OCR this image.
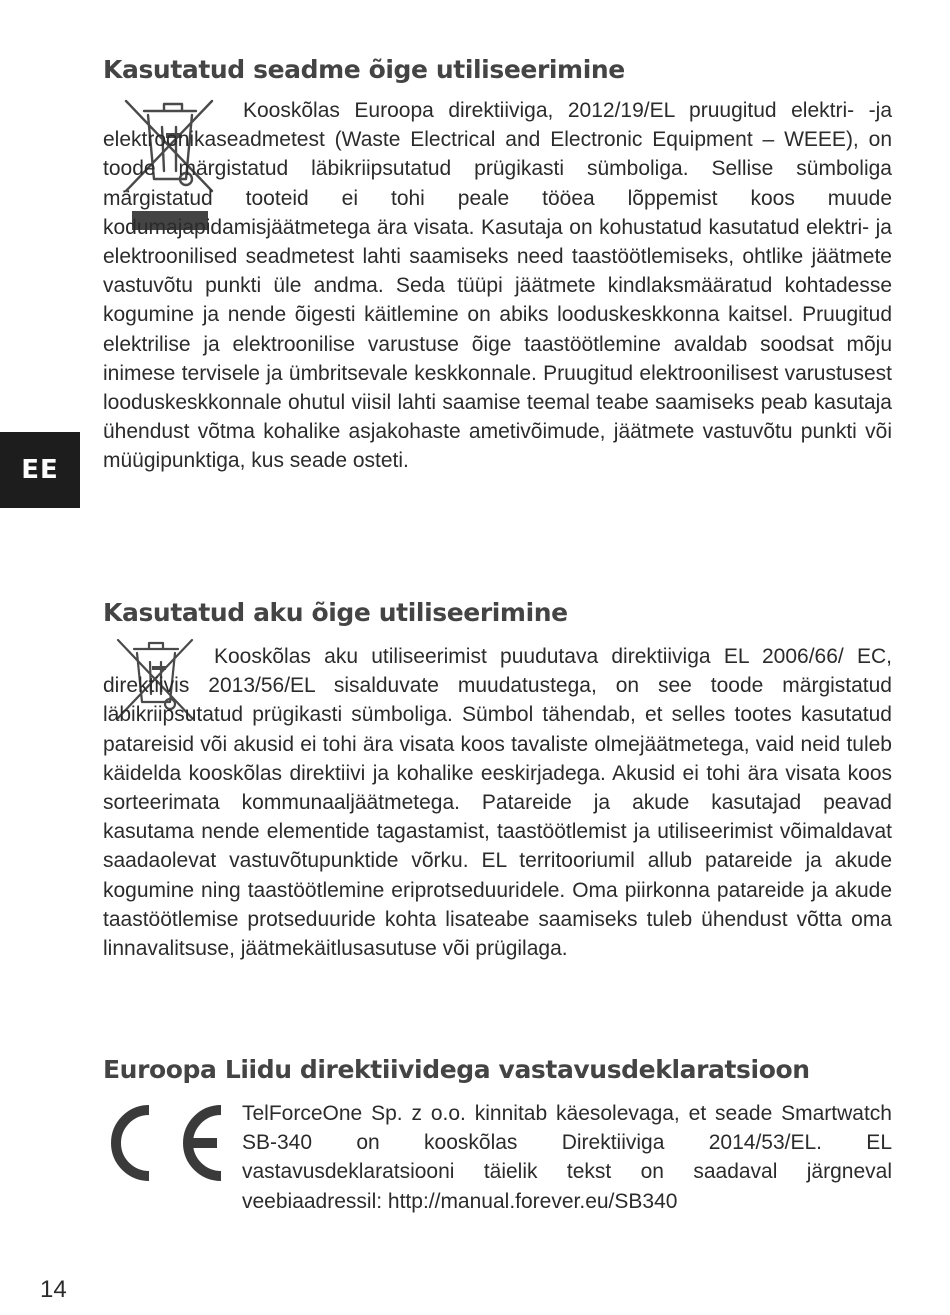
EE
Kasutatud seadme õige utiliseerimine

Kooskõlas Euroopa direktiiviga, 2012/19/EL pruugitud elektri- -ja elektroonikaseadmetest (Waste Electrical and Electronic Equipment – WEEE), on toode märgistatud läbikriipsutatud prügikasti sümboliga. Sellise sümboliga märgistatud tooteid ei tohi peale tööea lõppemist koos muude kodumajapidamisjäätmetega ära visata. Kasutaja on kohustatud kasutatud elektri- ja elektroonilised seadmetest lahti saamiseks need taastöötlemiseks, ohtlike jäätmete vastuvõtu punkti üle andma. Seda tüüpi jäätmete kindlaksmääratud kohtadesse kogumine ja nende õigesti käitlemine on abiks looduskeskkonna kaitsel. Pruugitud elektrilise ja elektroonilise varustuse õige taastöötlemine avaldab soodsat mõju inimese tervisele ja ümbritsevale keskkonnale. Pruugitud elektroonilisest varustusest looduskeskkonnale ohutul viisil lahti saamise teemal teabe saamiseks peab kasutaja ühendust võtma kohalike asjakohaste ametivõimude, jäätmete vastuvõtu punkti või müügipunktiga, kus seade osteti.

Kasutatud aku õige utiliseerimine

Kooskõlas aku utiliseerimist puudutava direktiiviga EL 2006/66/ EC, direktiivis 2013/56/EL sisalduvate muudatustega, on see toode märgistatud läbikriipsutatud prügikasti sümboliga. Sümbol tähendab, et selles tootes kasutatud patareisid või akusid ei tohi ära visata koos tavaliste olmejäätmetega, vaid neid tuleb käidelda kooskõlas direktiivi ja kohalike eeskirjadega. Akusid ei tohi ära visata koos sorteerimata kommunaaljäätmetega. Patareide ja akude kasutajad peavad kasutama nende elementide tagastamist, taastöötlemist ja utiliseerimist võimaldavat saadaolevat vastuvõtupunktide võrku. EL territooriumil allub patareide ja akude kogumine ning taastöötlemine eriprotseduuridele. Oma piirkonna patareide ja akude taastöötlemise protseduuride kohta lisateabe saamiseks tuleb ühendust võtta oma linnavalitsuse, jäätmekäitlusasutuse või prügilaga.

Euroopa Liidu direktiividega vastavusdeklaratsioon

TelForceOne Sp. z o.o. kinnitab käesolevaga, et seade Smartwatch SB-340 on kooskõlas Direktiiviga 2014/53/EL. EL vastavusdeklaratsiooni täielik tekst on saadaval järgneval veebiaadressil: http://manual.forever.eu/SB340

14
